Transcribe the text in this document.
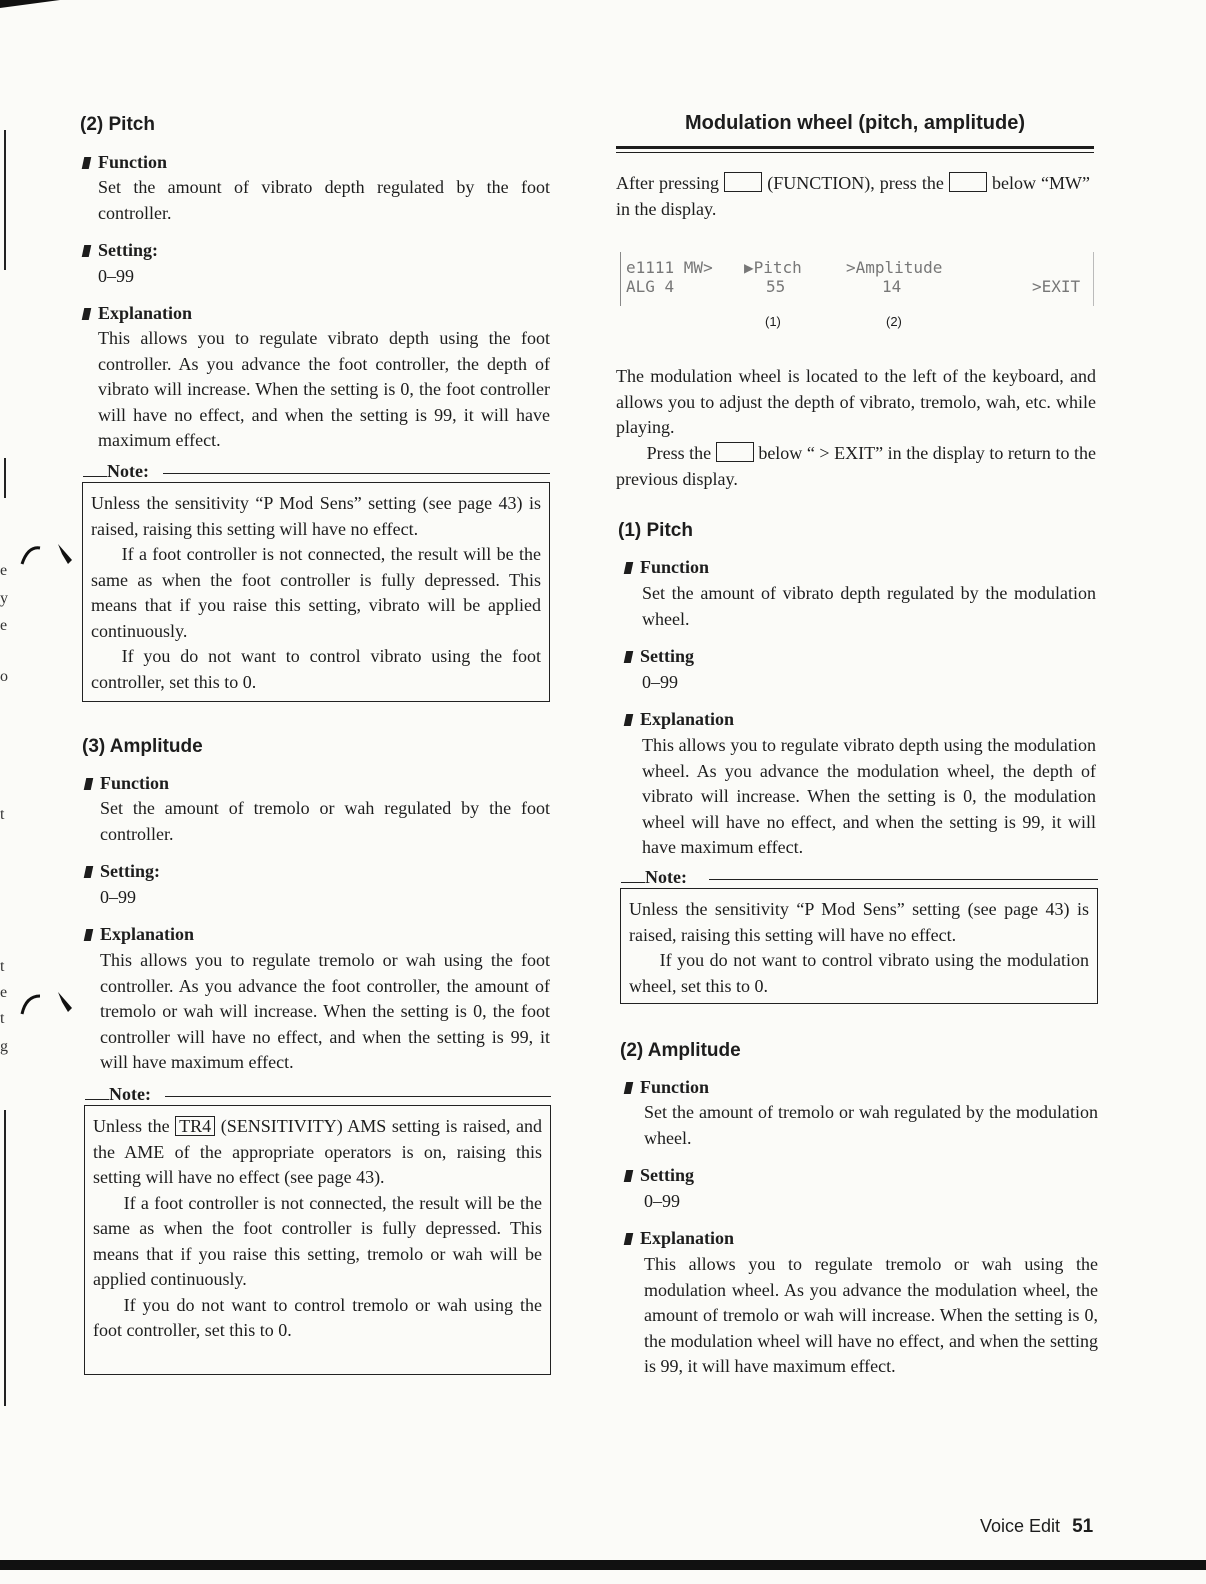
e
y
e
o
t
t
e
t
g
(2) Pitch
Function

Set the amount of vibrato depth regulated by the foot controller.

Setting:

0–99

Explanation

This allows you to regulate vibrato depth using the foot controller. As you advance the foot controller, the depth of vibrato will increase. When the setting is 0, the foot controller will have no effect, and when the setting is 99, it will have maximum effect.

Note:

Unless the sensitivity “P Mod Sens” setting (see page 43) is raised, raising this setting will have no effect.

If a foot controller is not connected, the result will be the same as when the foot controller is fully depressed. This means that if you raise this setting, vibrato will be applied continuously.

If you do not want to control vibrato using the foot controller, set this to 0.

(3) Amplitude
Function

Set the amount of tremolo or wah regulated by the foot controller.

Setting:

0–99

Explanation

This allows you to regulate tremolo or wah using the foot controller. As you advance the foot controller, the amount of tremolo or wah will increase. When the setting is 0, the foot controller will have no effect, and when the setting is 99, it will have maximum effect.

Note:

Unless the TR4 (SENSITIVITY) AMS setting is raised, and the AME of the appropriate operators is on, raising this setting will have no effect (see page 43).

If a foot controller is not connected, the result will be the same as when the foot controller is fully depressed. This means that if you raise this setting, tremolo or wah will be applied continuously.

If you do not want to control tremolo or wah using the foot controller, set this to 0.

Modulation wheel (pitch, amplitude)

After pressing	(FUNCTION), press the	below “MW” in the display.

e1111 MW> ▶Pitch	>Amplitude
ALG 4	55	14	>EXIT
(1)	(2)

The modulation wheel is located to the left of the keyboard, and allows you to adjust the depth of vibrato, tremolo, wah, etc. while playing.

Press the	below “ > EXIT” in the display to return to the previous display.

(1) Pitch
Function

Set the amount of vibrato depth regulated by the modulation wheel.

Setting

0–99

Explanation

This allows you to regulate vibrato depth using the modulation wheel. As you advance the modulation wheel, the depth of vibrato will increase. When the setting is 0, the modulation wheel will have no effect, and when the setting is 99, it will have maximum effect.

Note:

Unless the sensitivity “P Mod Sens” setting (see page 43) is raised, raising this setting will have no effect.

If you do not want to control vibrato using the modulation wheel, set this to 0.

(2) Amplitude
Function

Set the amount of tremolo or wah regulated by the modulation wheel.

Setting

0–99

Explanation

This allows you to regulate tremolo or wah using the modulation wheel. As you advance the modulation wheel, the amount of tremolo or wah will increase. When the setting is 0, the modulation wheel will have no effect, and when the setting is 99, it will have maximum effect.

Voice Edit 51
